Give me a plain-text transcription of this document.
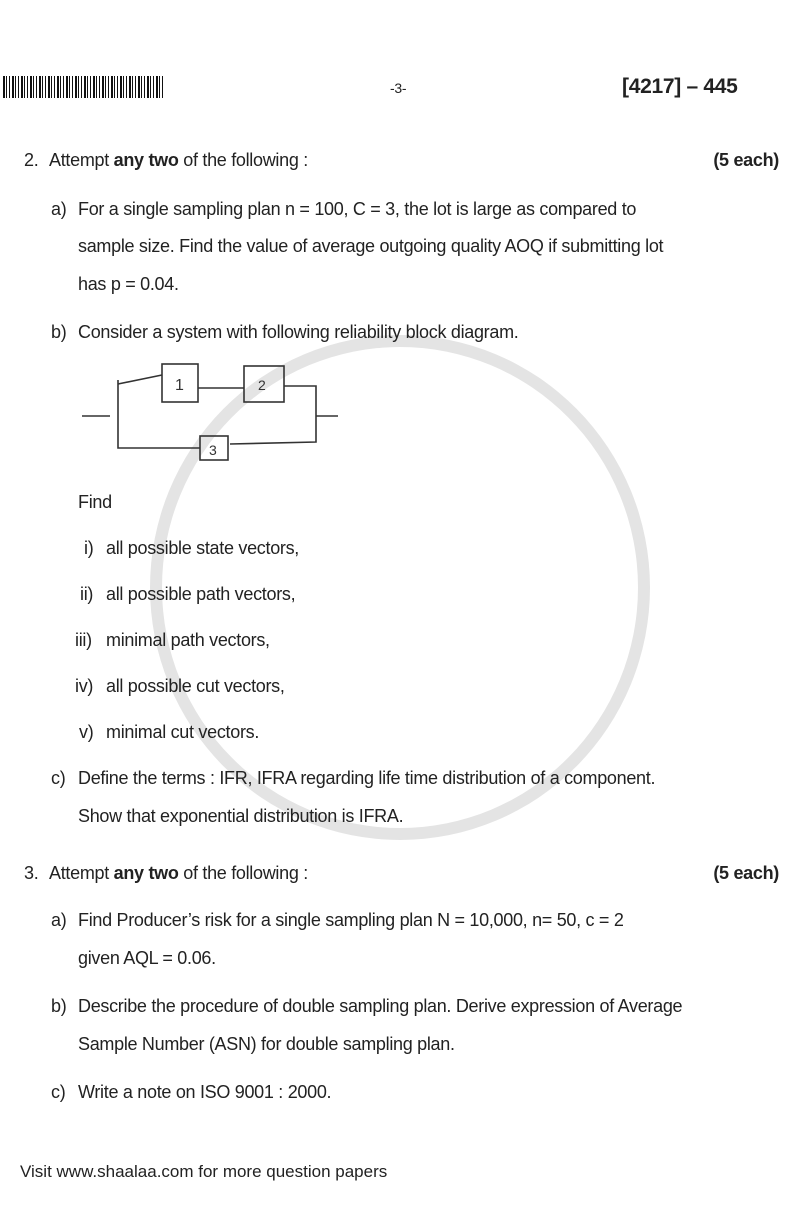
-3-	[4217] – 445
2. Attempt any two of the following :	(5 each)
a) For a single sampling plan n = 100, C = 3, the lot is large as compared to
sample size. Find the value of average outgoing quality AOQ if submitting lot
has p = 0.04.
b) Consider a system with following reliability block diagram.
1	2
3
Find
i) all possible state vectors,
ii) all possible path vectors,
iii) minimal path vectors,
iv) all possible cut vectors,
v) minimal cut vectors.
c) Define the terms : IFR, IFRA regarding life time distribution of a component.
Show that exponential distribution is IFRA.
3. Attempt any two of the following :	(5 each)
a) Find Producer’s risk for a single sampling plan N = 10,000, n= 50, c = 2
given AQL = 0.06.
b) Describe the procedure of double sampling plan. Derive expression of Average
Sample Number (ASN) for double sampling plan.
c) Write a note on ISO 9001 : 2000.
Visit www.shaalaa.com for more question papers
